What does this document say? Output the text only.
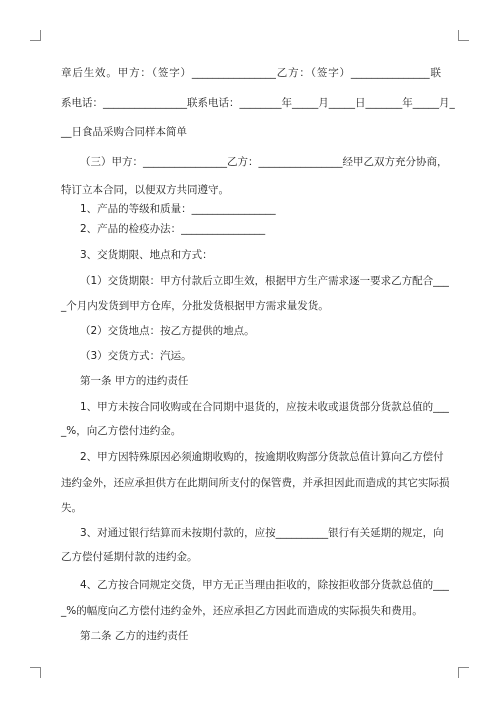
章后生效。甲方：（签字）________________乙方：（签字）_______________联
系电话：________________联系电话：________年_____月_____日_______年_____月_
__日食品采购合同样本简单
（三）甲方：________________乙方：________________经甲乙双方充分协商，
特订立本合同，以便双方共同遵守。
1、产品的等级和质量：________________
2、产品的检疫办法：________________
3、交货期限、地点和方式：
（1）交货期限：甲方付款后立即生效，根据甲方生产需求逐一要求乙方配合___
_个月内发货到甲方仓库，分批发货根据甲方需求量发货。
（2）交货地点：按乙方提供的地点。
（3）交货方式：汽运。
第一条 甲方的违约责任
1、甲方未按合同收购或在合同期中退货的，应按未收或退货部分货款总值的___
_%，向乙方偿付违约金。
2、甲方因特殊原因必须逾期收购的，按逾期收购部分货款总值计算向乙方偿付
违约金外，还应承担供方在此期间所支付的保管费，并承担因此而造成的其它实际损
失。
3、对通过银行结算而未按期付款的，应按__________银行有关延期的规定，向
乙方偿付延期付款的违约金。
4、乙方按合同规定交货，甲方无正当理由拒收的，除按拒收部分货款总值的___
_%的幅度向乙方偿付违约金外，还应承担乙方因此而造成的实际损失和费用。
第二条 乙方的违约责任
